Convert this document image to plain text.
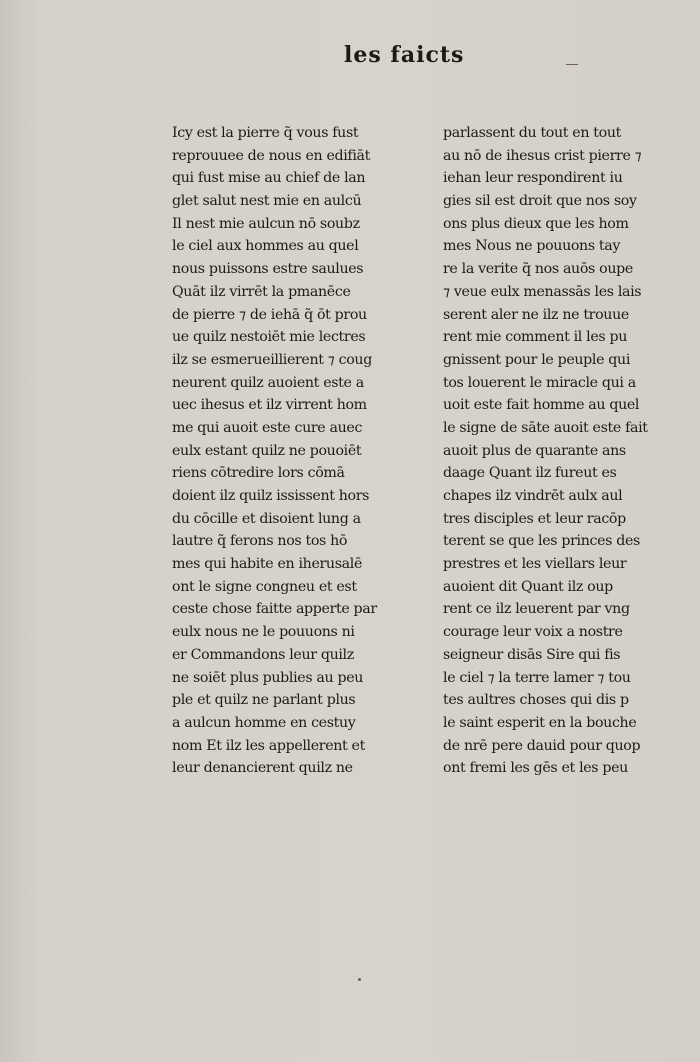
les faicts
Icy est la pierre q̃ vous fust
reprouuee de nous en edifiāt
qui fust mise au chief de lan
glet salut nest mie en aulcū
Il nest mie aulcun nō soubz
le ciel aux hommes au quel
nous puissons estre saulues
Quāt ilz virrēt la pmanēce
de pierre ⁊ de iehā q̃ ōt prou
ue quilz nestoiēt mie lectres
ilz se esmerueillierent ⁊ coug
neurent quilz auoient este a
uec ihesus et ilz virrent hom
me qui auoit este cure auec
eulx estant quilz ne pouoiēt
riens cōtredire lors cōmā
doient ilz quilz ississent hors
du cōcille et disoient lung a
lautre q̃ ferons nos tos hō
mes qui habite en iherusalē
ont le signe congneu et est
ceste chose faitte apperte par
eulx nous ne le pouuons ni
er Commandons leur quilz
ne soiēt plus publies au peu
ple et quilz ne parlant plus
a aulcun homme en cestuy
nom Et ilz les appellerent et
leur denancierent quilz ne
parlassent du tout en tout
au nō de ihesus crist pierre ⁊
iehan leur respondirent iu
gies sil est droit que nos soy
ons plus dieux que les hom
mes Nous ne pouuons tay
re la verite q̃ nos auōs oupe
⁊ veue eulx menassās les lais
serent aler ne ilz ne trouue
rent mie comment il les pu
gnissent pour le peuple qui
tos louerent le miracle qui a
uoit este fait homme au quel
le signe de sāte auoit este fait
auoit plus de quarante ans
daage Quant ilz fureut es
chapes ilz vindrēt aulx aul
tres disciples et leur racōp
terent se que les princes des
prestres et les viellars leur
auoient dit Quant ilz oup
rent ce ilz leuerent par vng
courage leur voix a nostre
seigneur disās Sire qui fis
le ciel ⁊ la terre lamer ⁊ tou
tes aultres choses qui dis p
le saint esperit en la bouche
de nrē pere dauid pour quop
ont fremi les gēs et les peu
